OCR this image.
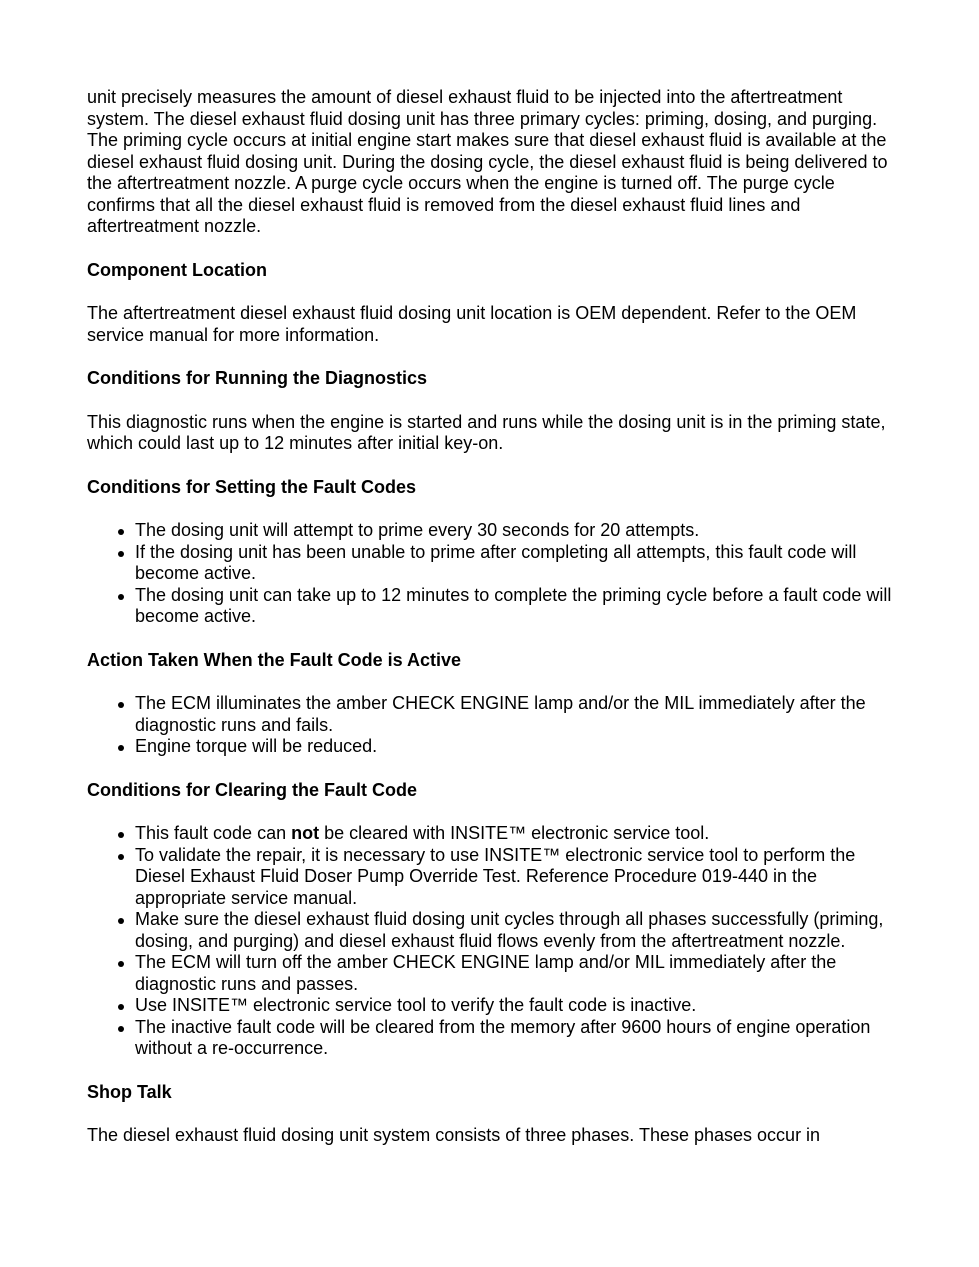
unit precisely measures the amount of diesel exhaust fluid to be injected into the aftertreatment system. The diesel exhaust fluid dosing unit has three primary cycles: priming, dosing, and purging. The priming cycle occurs at initial engine start makes sure that diesel exhaust fluid is available at the diesel exhaust fluid dosing unit. During the dosing cycle, the diesel exhaust fluid is being delivered to the aftertreatment nozzle. A purge cycle occurs when the engine is turned off. The purge cycle confirms that all the diesel exhaust fluid is removed from the diesel exhaust fluid lines and aftertreatment nozzle.

Component Location

The aftertreatment diesel exhaust fluid dosing unit location is OEM dependent. Refer to the OEM service manual for more information.

Conditions for Running the Diagnostics

This diagnostic runs when the engine is started and runs while the dosing unit is in the priming state, which could last up to 12 minutes after initial key-on.

Conditions for Setting the Fault Codes
The dosing unit will attempt to prime every 30 seconds for 20 attempts.
If the dosing unit has been unable to prime after completing all attempts, this fault code will become active.
The dosing unit can take up to 12 minutes to complete the priming cycle before a fault code will become active.
Action Taken When the Fault Code is Active
The ECM illuminates the amber CHECK ENGINE lamp and/or the MIL immediately after the diagnostic runs and fails.
Engine torque will be reduced.
Conditions for Clearing the Fault Code
This fault code can not be cleared with INSITE™ electronic service tool.
To validate the repair, it is necessary to use INSITE™ electronic service tool to perform the Diesel Exhaust Fluid Doser Pump Override Test. Reference Procedure 019-440 in the appropriate service manual.
Make sure the diesel exhaust fluid dosing unit cycles through all phases successfully (priming, dosing, and purging) and diesel exhaust fluid flows evenly from the aftertreatment nozzle.
The ECM will turn off the amber CHECK ENGINE lamp and/or MIL immediately after the diagnostic runs and passes.
Use INSITE™ electronic service tool to verify the fault code is inactive.
The inactive fault code will be cleared from the memory after 9600 hours of engine operation without a re-occurrence.
Shop Talk

The diesel exhaust fluid dosing unit system consists of three phases. These phases occur in
